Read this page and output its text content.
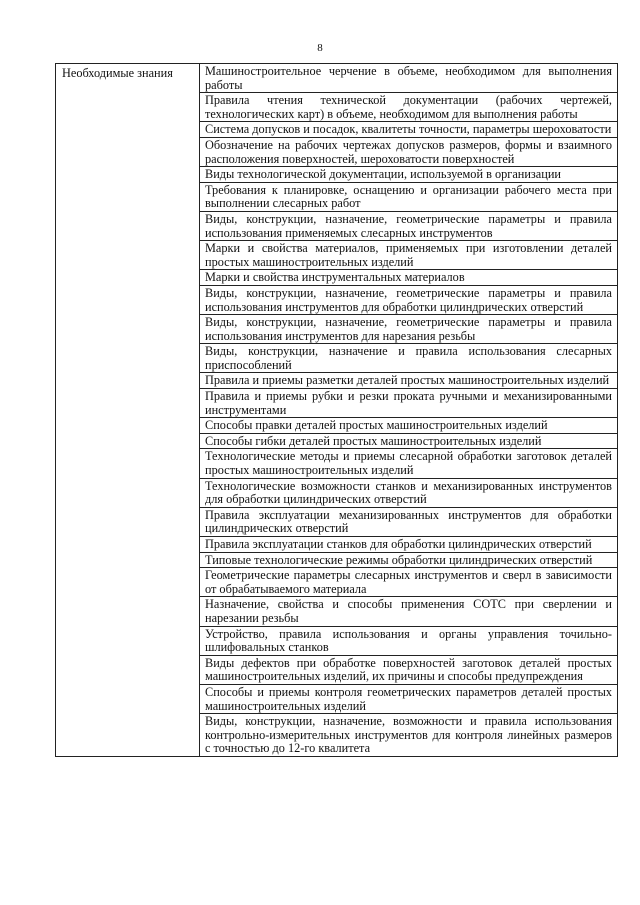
8
Необходимые знания	Машиностроительное черчение в объеме, необходимом для выполнения работы
Правила чтения технической документации (рабочих чертежей, технологических карт) в объеме, необходимом для выполнения работы
Система допусков и посадок, квалитеты точности, параметры шероховатости
Обозначение на рабочих чертежах допусков размеров, формы и взаимного расположения поверхностей, шероховатости поверхностей
Виды технологической документации, используемой в организации
Требования к планировке, оснащению и организации рабочего места при выполнении слесарных работ
Виды, конструкции, назначение, геометрические параметры и правила использования применяемых слесарных инструментов
Марки и свойства материалов, применяемых при изготовлении деталей простых машиностроительных изделий
Марки и свойства инструментальных материалов
Виды, конструкции, назначение, геометрические параметры и правила использования инструментов для обработки цилиндрических отверстий
Виды, конструкции, назначение, геометрические параметры и правила использования инструментов для нарезания резьбы
Виды, конструкции, назначение и правила использования слесарных приспособлений
Правила и приемы разметки деталей простых машиностроительных изделий
Правила и приемы рубки и резки проката ручными и механизированными инструментами
Способы правки деталей простых машиностроительных изделий
Способы гибки деталей простых машиностроительных изделий
Технологические методы и приемы слесарной обработки заготовок деталей простых машиностроительных изделий
Технологические возможности станков и механизированных инструментов для обработки цилиндрических отверстий
Правила эксплуатации механизированных инструментов для обработки цилиндрических отверстий
Правила эксплуатации станков для обработки цилиндрических отверстий
Типовые технологические режимы обработки цилиндрических отверстий
Геометрические параметры слесарных инструментов и сверл в зависимости от обрабатываемого материала
Назначение, свойства и способы применения СОТС при сверлении и нарезании резьбы
Устройство, правила использования и органы управления точильно-шлифовальных станков
Виды дефектов при обработке поверхностей заготовок деталей простых машиностроительных изделий, их причины и способы предупреждения
Способы и приемы контроля геометрических параметров деталей простых машиностроительных изделий
Виды, конструкции, назначение, возможности и правила использования контрольно-измерительных инструментов для контроля линейных размеров с точностью до 12-го квалитета
